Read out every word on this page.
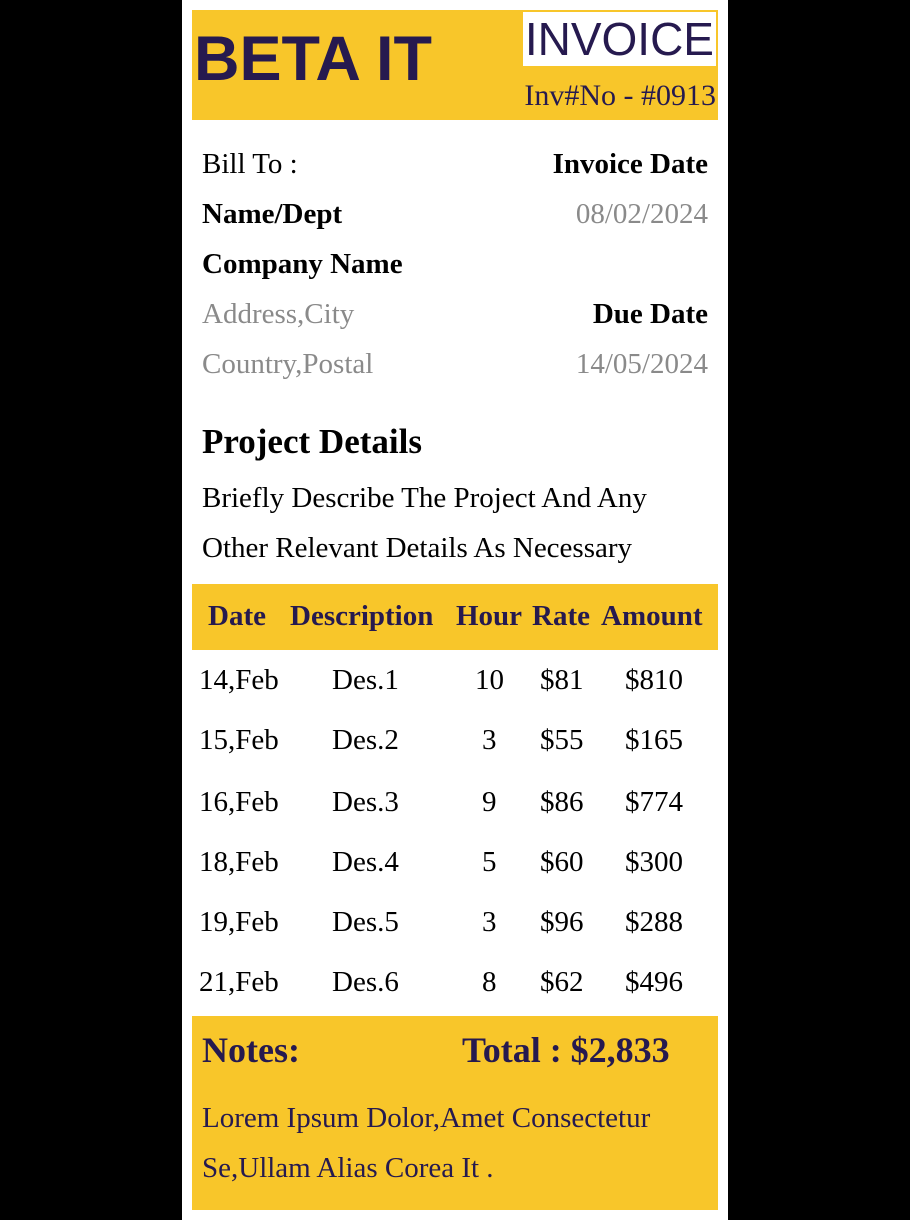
BETA IT INVOICE
Inv#No - #0913
Bill To :	Invoice Date
Name/Dept	08/02/2024
Company Name
Address,City	Due Date
Country,Postal	14/05/2024
Project Details
Briefly Describe The Project And Any Other Relevant Details As Necessary
Date Description Hour Rate Amount
14,Feb Des.1	10 $81 $810
15,Feb Des.2	3 $55 $165
16,Feb Des.3	9 $86 $774
18,Feb Des.4	5 $60 $300
19,Feb Des.5	3 $96 $288
21,Feb Des.6	8 $62 $496
Notes:	Total : $2,833
Lorem Ipsum Dolor,Amet Consectetur Se,Ullam Alias Corea It .
